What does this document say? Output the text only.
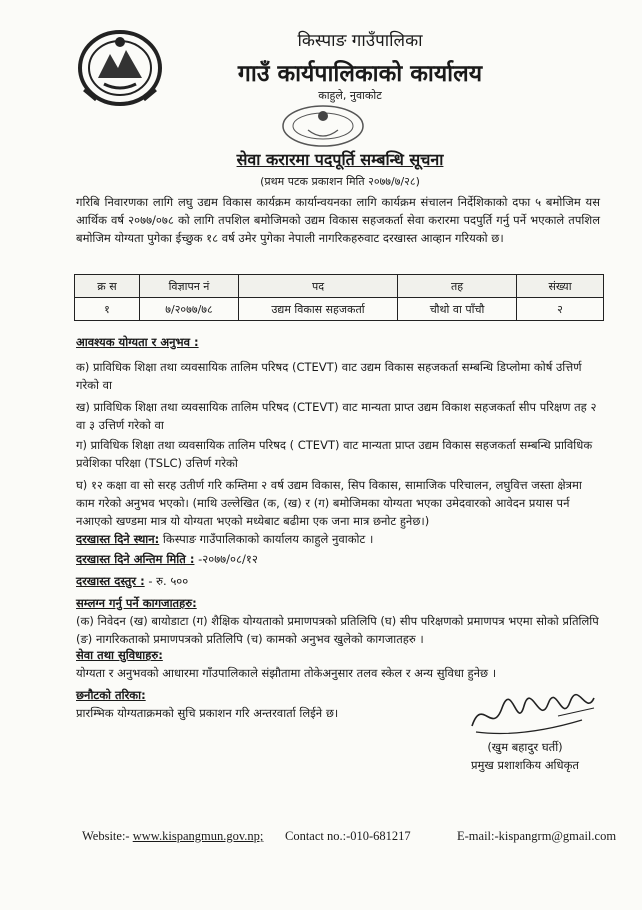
किस्पाङ गाउँपालिका
गाउँ कार्यपालिकाको कार्यालय
काहुले, नुवाकोट
सेवा करारमा पदपूर्ति सम्बन्धि सूचना
(प्रथम पटक प्रकाशन मिति २०७७/७/२८)
गरिबि निवारणका लागि लघु उद्यम विकास कार्यक्रम कार्यान्वयनका लागि कार्यक्रम संचालन निर्देशिकाको दफा ५ बमोजिम यस आर्थिक वर्ष २०७७/०७८ को लागि तपशिल बमोजिमको उद्यम विकास सहजकर्ता सेवा करारमा पदपुर्ति गर्नु पर्ने भएकाले तपशिल बमोजिम योग्यता पुगेका ईच्छुक १८ वर्ष उमेर पुगेका नेपाली नागरिकहरुवाट दरखास्त आव्हान गरियको छ।
क्र स	विज्ञापन नं	पद	तह	संख्या
१	७/२०७७/७८	उद्यम विकास सहजकर्ता	चौथो वा पाँचौ	२
आवश्यक योग्यता र अनुभव :
क) प्राविधिक शिक्षा तथा व्यवसायिक तालिम परिषद (CTEVT) वाट उद्यम विकास सहजकर्ता सम्बन्धि डिप्लोमा कोर्ष उत्तिर्ण गरेको वा
ख) प्राविधिक शिक्षा तथा व्यवसायिक तालिम परिषद (CTEVT) वाट मान्यता प्राप्त उद्यम विकाश सहजकर्ता सीप परिक्षण तह २ वा ३ उत्तिर्ण गरेको वा
ग) प्राविधिक शिक्षा तथा व्यवसायिक तालिम परिषद ( CTEVT) वाट मान्यता प्राप्त उद्यम विकास सहजकर्ता सम्बन्धि प्राविधिक प्रवेशिका परिक्षा (TSLC) उत्तिर्ण गरेको
घ) १२ कक्षा वा सो सरह उतीर्ण गरि कम्तिमा २ वर्ष उद्यम विकास, सिप विकास, सामाजिक परिचालन, लघुवित्त जस्ता क्षेत्रमा काम गरेको अनुभव भएको। (माथि उल्लेखित (क, (ख) र (ग) बमोजिमका योग्यता भएका उमेदवारको आवेदन प्रयास पर्न नआएको खण्डमा मात्र यो योग्यता भएको मध्येबाट बढीमा एक जना मात्र छनोट हुनेछ।)
दरखास्त दिने स्थान: किस्पाङ गाउँपालिकाको कार्यालय काहुले नुवाकोट ।
दरखास्त दिने अन्तिम मिति : -२०७७/०८/१२
दरखास्त दस्तुर : - रु. ५००
सम्लग्न गर्नु पर्ने कागजातहरु:
(क) निवेदन (ख) बायोडाटा (ग) शैक्षिक योग्यताको प्रमाणपत्रको प्रतिलिपि (घ) सीप परिक्षणको प्रमाणपत्र भएमा सोको प्रतिलिपि (ङ) नागरिकताको प्रमाणपत्रको प्रतिलिपि (च) कामको अनुभव खुलेको कागजातहरु ।
सेवा तथा सुविधाहरु:
योग्यता र अनुभवको आधारमा गाँउपालिकाले संझौतामा तोकेअनुसार तलव स्केल र अन्य सुविधा हुनेछ ।
छनौटको तरिका:
प्रारम्भिक योग्यताक्रमको सुचि प्रकाशन गरि अन्तरवार्ता लिईने छ।
(खुम बहादुर घर्ती)
प्रमुख प्रशाशकिय अधिकृत
Website:- www.kispangmun.gov.np; Contact no.:-010-681217	E-mail:-kispangrm@gmail.com
